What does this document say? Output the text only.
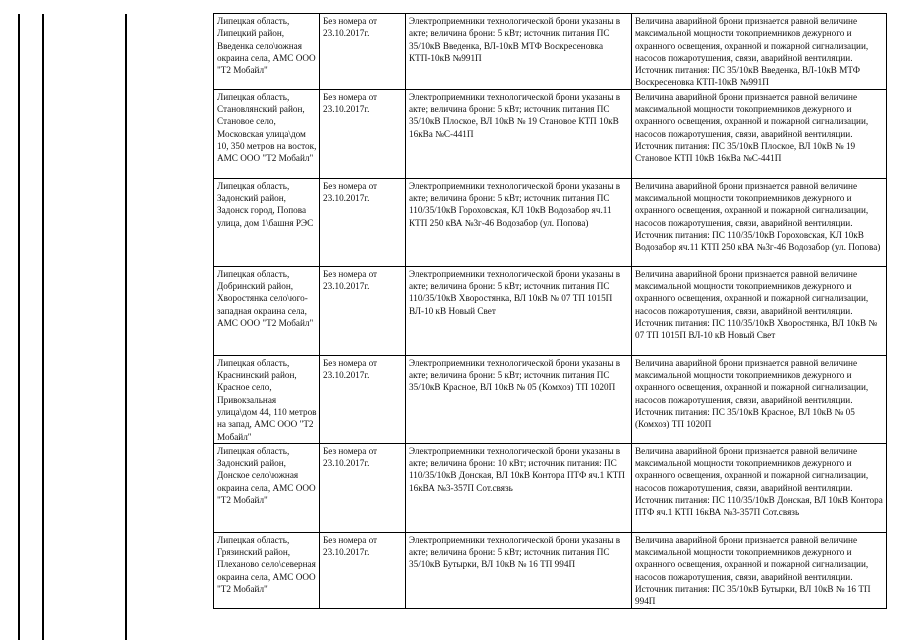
Липецкая область, Липецкий район, Введенка село\южная окраина села, АМС ООО "Т2 Мобайл"	Без номера от 23.10.2017г.	Электроприемники технологической брони указаны в акте; величина брони: 5 кВт; источник питания ПС 35/10кВ Введенка, ВЛ-10кВ МТФ Воскресеновка КТП-10кВ №991П	Величина аварийной брони признается равной величине максимальной мощности токоприемников дежурного и охранного освещения, охранной и пожарной сигнализации, насосов пожаротушения, связи, аварийной вентиляции. Источник питания: ПС 35/10кВ Введенка, ВЛ-10кВ МТФ Воскресеновка КТП-10кВ №991П
Липецкая область, Становлянский район, Становое село, Московская улица\дом 10, 350 метров на восток, АМС ООО "Т2 Мобайл"	Без номера от 23.10.2017г.	Электроприемники технологической брони указаны в акте; величина брони: 5 кВт; источник питания ПС 35/10кВ Плоское, ВЛ 10кВ № 19 Становое КТП 10кВ 16кВа №С-441П	Величина аварийной брони признается равной величине максимальной мощности токоприемников дежурного и охранного освещения, охранной и пожарной сигнализации, насосов пожаротушения, связи, аварийной вентиляции. Источник питания: ПС 35/10кВ Плоское, ВЛ 10кВ № 19 Становое КТП 10кВ 16кВа №С-441П
Липецкая область, Задонский район, Задонск город, Попова улица, дом 1\башня РЭС	Без номера от 23.10.2017г.	Электроприемники технологической брони указаны в акте; величина брони: 5 кВт; источник питания ПС 110/35/10кВ Гороховская, КЛ 10кВ Водозабор яч.11 КТП 250 кВА №3г-46 Водозабор (ул. Попова)	Величина аварийной брони признается равной величине максимальной мощности токоприемников дежурного и охранного освещения, охранной и пожарной сигнализации, насосов пожаротушения, связи, аварийной вентиляции. Источник питания: ПС 110/35/10кВ Гороховская, КЛ 10кВ Водозабор яч.11 КТП 250 кВА №3г-46 Водозабор (ул. Попова)
Липецкая область, Добринский район, Хворостянка село\юго-западная окраина села, АМС ООО "Т2 Мобайл"	Без номера от 23.10.2017г.	Электроприемники технологической брони указаны в акте; величина брони: 5 кВт; источник питания ПС 110/35/10кВ Хворостянка, ВЛ 10кВ № 07 ТП 1015П ВЛ-10 кВ Новый Свет	Величина аварийной брони признается равной величине максимальной мощности токоприемников дежурного и охранного освещения, охранной и пожарной сигнализации, насосов пожаротушения, связи, аварийной вентиляции. Источник питания: ПС 110/35/10кВ Хворостянка, ВЛ 10кВ № 07 ТП 1015П ВЛ-10 кВ Новый Свет
Липецкая область, Краснинский район, Красное село, Привокзальная улица\дом 44, 110 метров на запад, АМС ООО "Т2 Мобайл"	Без номера от 23.10.2017г.	Электроприемники технологической брони указаны в акте; величина брони: 5 кВт; источник питания ПС 35/10кВ Красное, ВЛ 10кВ № 05 (Комхоз) ТП 1020П	Величина аварийной брони признается равной величине максимальной мощности токоприемников дежурного и охранного освещения, охранной и пожарной сигнализации, насосов пожаротушения, связи, аварийной вентиляции. Источник питания: ПС 35/10кВ Красное, ВЛ 10кВ № 05 (Комхоз) ТП 1020П
Липецкая область, Задонский район, Донское село\южная окраина села, АМС ООО "Т2 Мобайл"	Без номера от 23.10.2017г.	Электроприемники технологической брони указаны в акте; величина брони: 10 кВт; источник питания: ПС 110/35/10кВ Донская, ВЛ 10кВ Контора ПТФ яч.1 КТП 16кВА №3-357П Сот.связь	Величина аварийной брони признается равной величине максимальной мощности токоприемников дежурного и охранного освещения, охранной и пожарной сигнализации, насосов пожаротушения, связи, аварийной вентиляции. Источник питания: ПС 110/35/10кВ Донская, ВЛ 10кВ Контора ПТФ яч.1 КТП 16кВА №3-357П Сот.связь
Липецкая область, Грязинский район, Плеханово село\северная окраина села, АМС ООО "Т2 Мобайл"	Без номера от 23.10.2017г.	Электроприемники технологической брони указаны в акте; величина брони: 5 кВт; источник питания ПС 35/10кВ Бутырки, ВЛ 10кВ № 16 ТП 994П	Величина аварийной брони признается равной величине максимальной мощности токоприемников дежурного и охранного освещения, охранной и пожарной сигнализации, насосов пожаротушения, связи, аварийной вентиляции. Источник питания: ПС 35/10кВ Бутырки, ВЛ 10кВ № 16 ТП 994П
